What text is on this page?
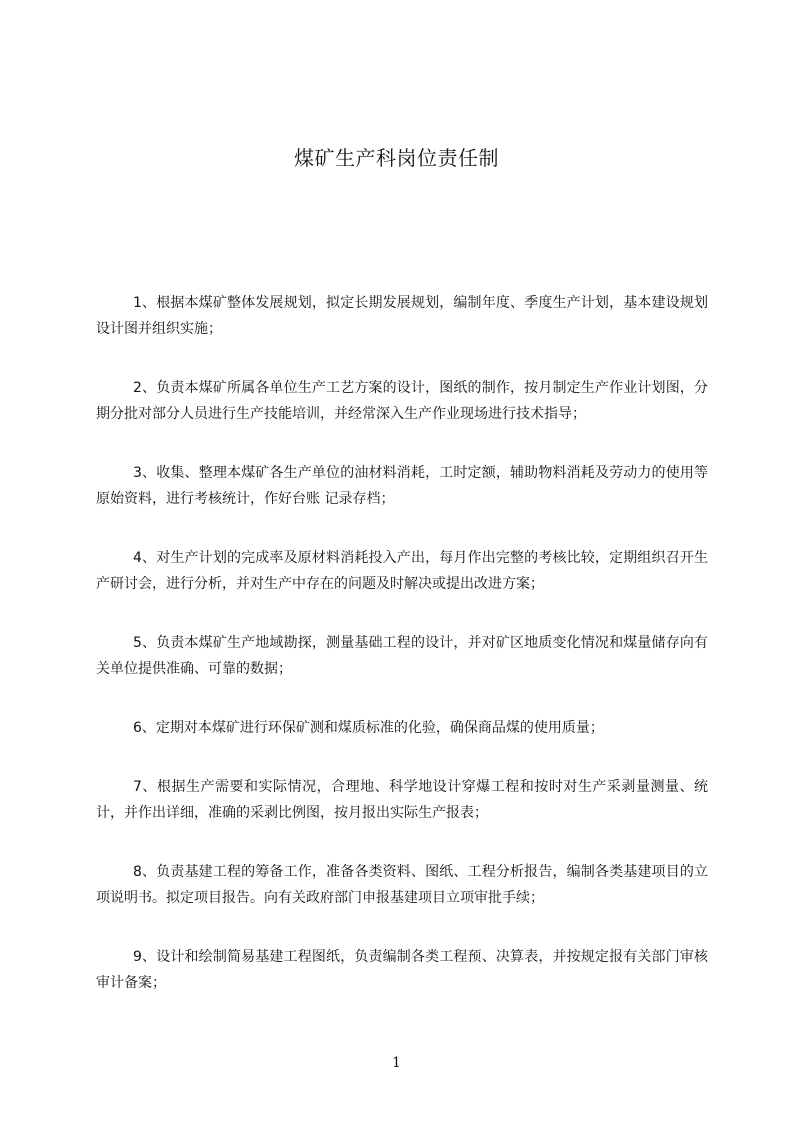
煤矿生产科岗位责任制

1、根据本煤矿整体发展规划，拟定长期发展规划，编制年度、季度生产计划，基本建设规划设计图并组织实施；

2、负责本煤矿所属各单位生产工艺方案的设计，图纸的制作，按月制定生产作业计划图，分期分批对部分人员进行生产技能培训，并经常深入生产作业现场进行技术指导；

3、收集、整理本煤矿各生产单位的油材料消耗，工时定额，辅助物料消耗及劳动力的使用等原始资料，进行考核统计，作好台账 记录存档；

4、对生产计划的完成率及原材料消耗投入产出，每月作出完整的考核比较，定期组织召开生产研讨会，进行分析，并对生产中存在的问题及时解决或提出改进方案；

5、负责本煤矿生产地域勘探，测量基础工程的设计，并对矿区地质变化情况和煤量储存向有关单位提供准确、可靠的数据；

6、定期对本煤矿进行环保矿测和煤质标准的化验，确保商品煤的使用质量；

7、根据生产需要和实际情况，合理地、科学地设计穿爆工程和按时对生产采剥量测量、统计，并作出详细，准确的采剥比例图，按月报出实际生产报表；

8、负责基建工程的筹备工作，准备各类资料、图纸、工程分析报告，编制各类基建项目的立项说明书。拟定项目报告。向有关政府部门申报基建项目立项审批手续；

9、设计和绘制简易基建工程图纸，负责编制各类工程预、决算表，并按规定报有关部门审核审计备案；

1
